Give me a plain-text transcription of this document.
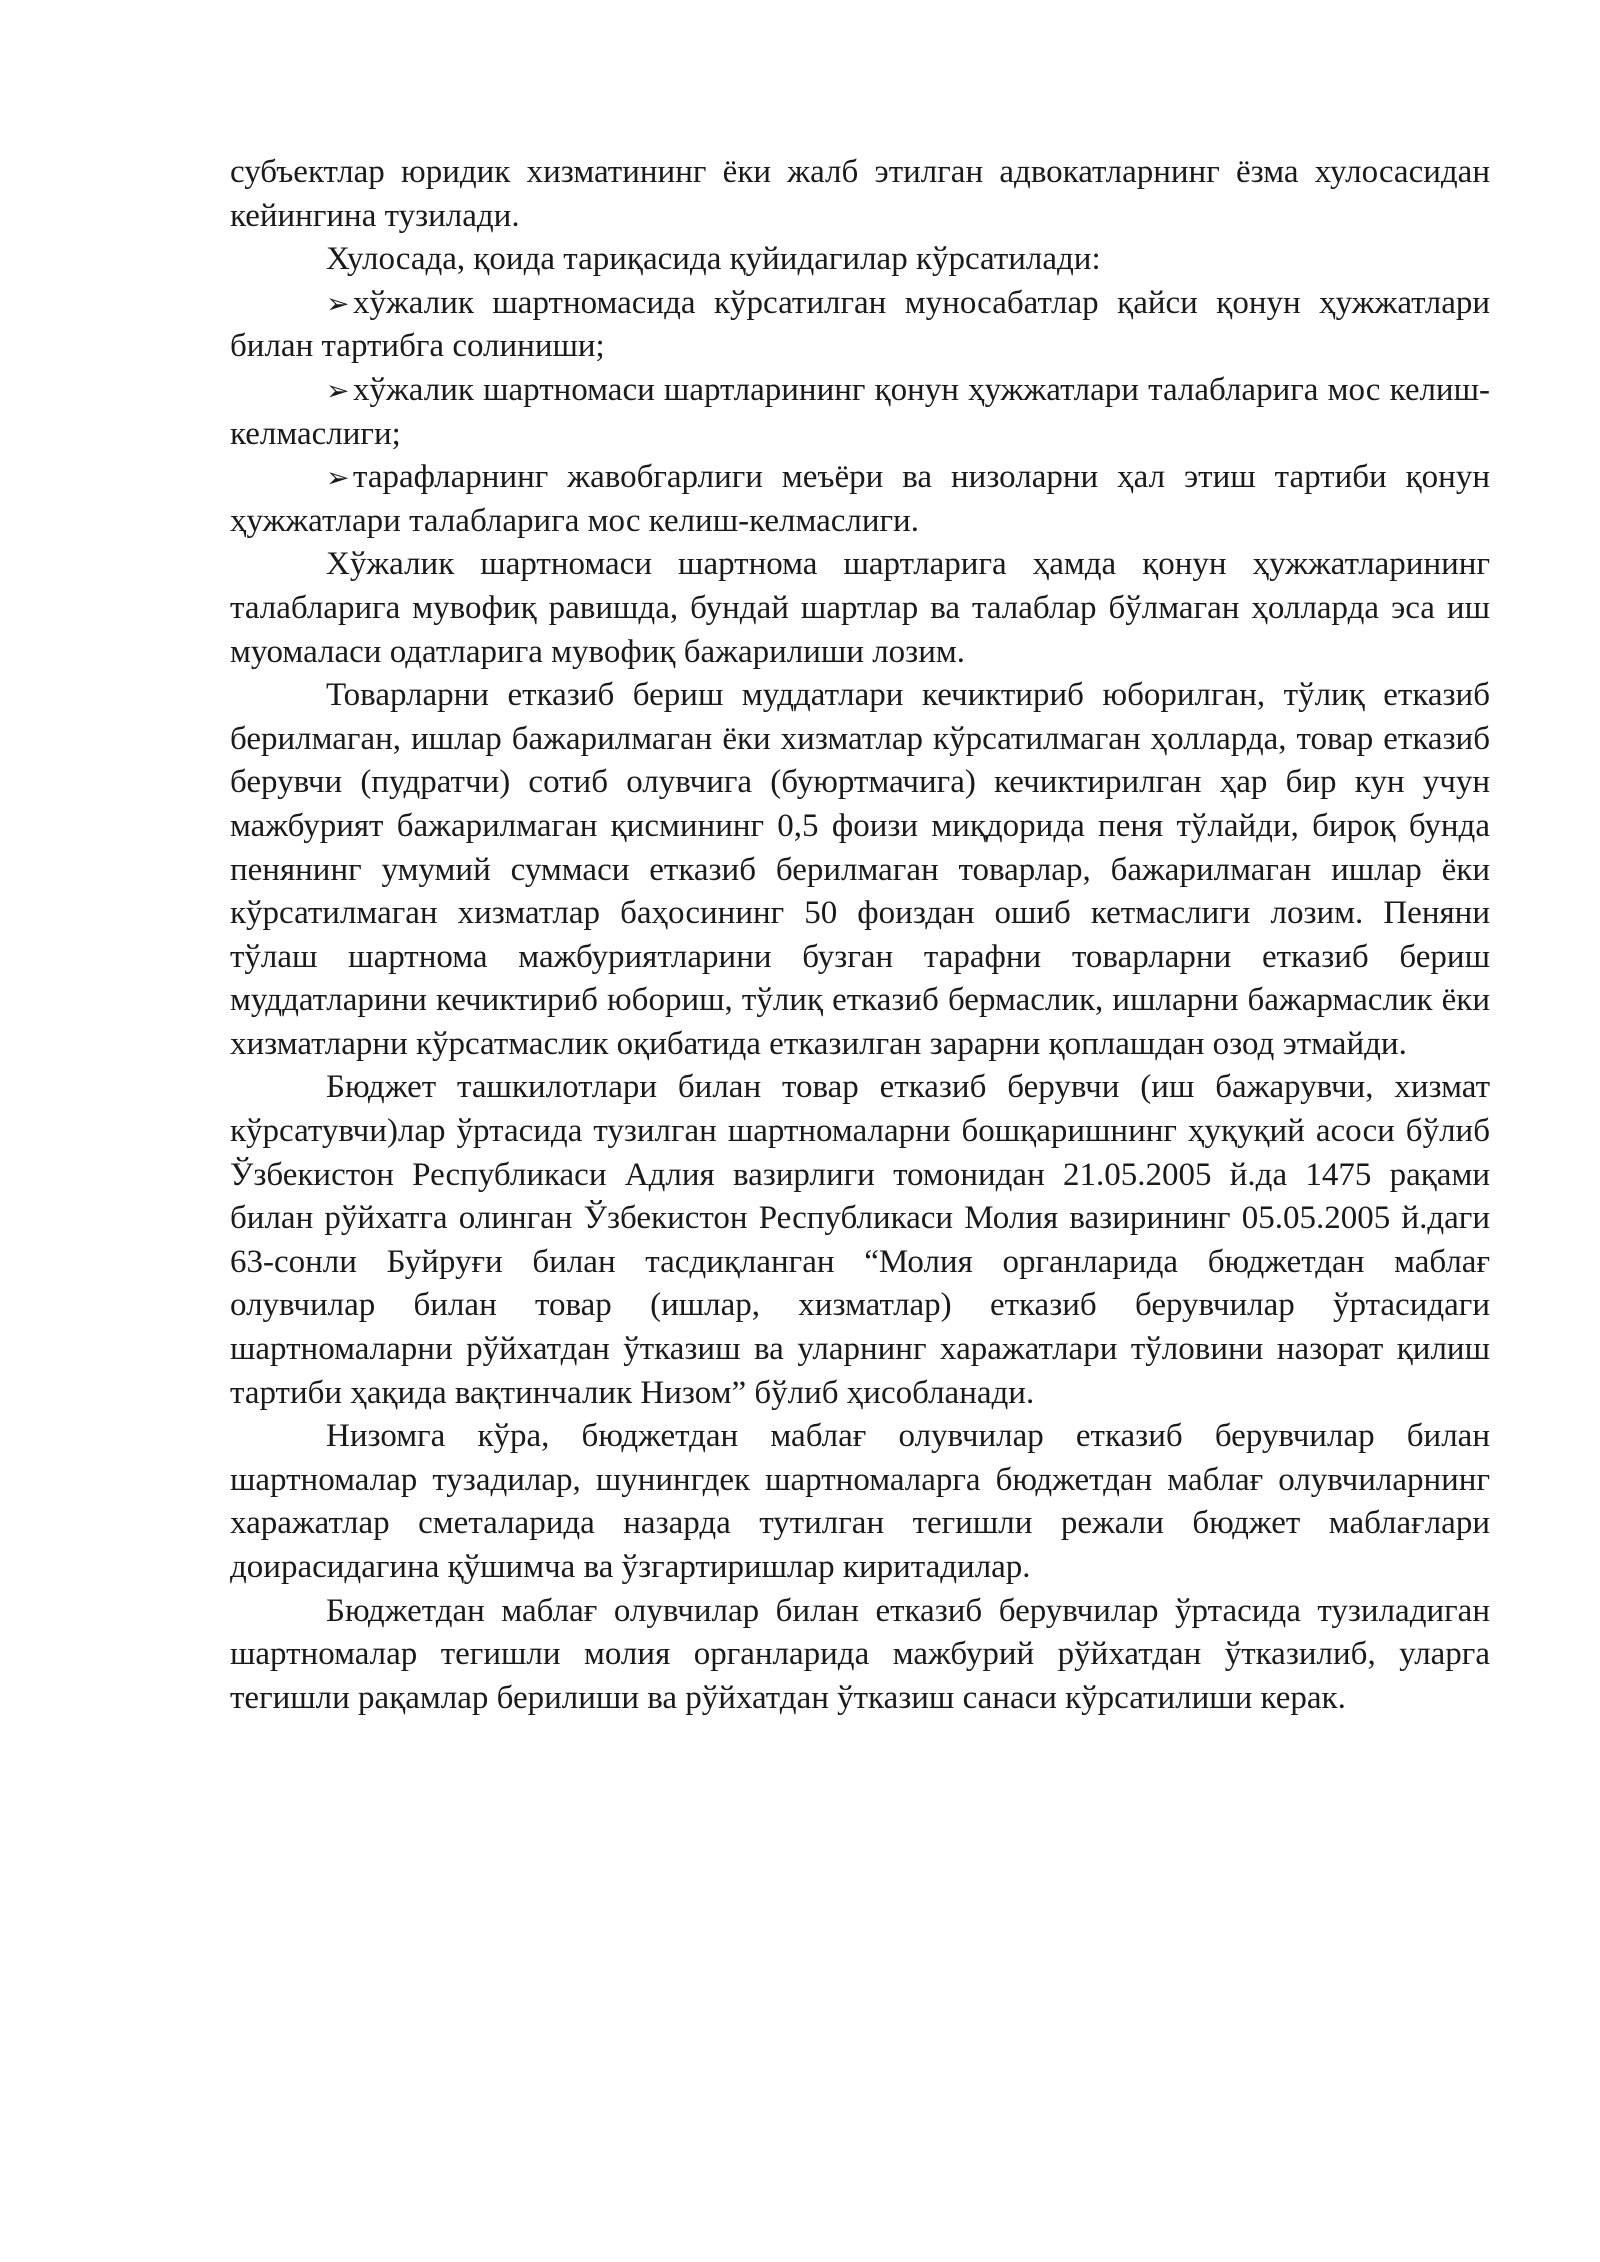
субъектлар юридик хизматининг ёки жалб этилган адвокатларнинг ёзма хулосасидан кейингина тузилади.

Хулосада, қоида тариқасида қуйидагилар кўрсатилади:

➢ хўжалик шартномасида кўрсатилган муносабатлар қайси қонун ҳужжатлари билан тартибга солиниши;

➢ хўжалик шартномаси шартларининг қонун ҳужжатлари талабларига мос келиш-келмаслиги;

➢ тарафларнинг жавобгарлиги меъёри ва низоларни ҳал этиш тартиби қонун ҳужжатлари талабларига мос келиш-келмаслиги.

Хўжалик шартномаси шартнома шартларига ҳамда қонун ҳужжатларининг талабларига мувофиқ равишда, бундай шартлар ва талаблар бўлмаган ҳолларда эса иш муомаласи одатларига мувофиқ бажарилиши лозим.

Товарларни етказиб бериш муддатлари кечиктириб юборилган, тўлиқ етказиб берилмаган, ишлар бажарилмаган ёки хизматлар кўрсатилмаган ҳолларда, товар етказиб берувчи (пудратчи) сотиб олувчига (буюртмачига) кечиктирилган ҳар бир кун учун мажбурият бажарилмаган қисмининг 0,5 фоизи миқдорида пеня тўлайди, бироқ бунда пенянинг умумий суммаси етказиб берилмаган товарлар, бажарилмаган ишлар ёки кўрсатилмаган хизматлар баҳосининг 50 фоиздан ошиб кетмаслиги лозим. Пеняни тўлаш шартнома мажбуриятларини бузган тарафни товарларни етказиб бериш муддатларини кечиктириб юбориш, тўлиқ етказиб бермаслик, ишларни бажармаслик ёки хизматларни кўрсатмаслик оқибатида етказилган зарарни қоплашдан озод этмайди.

Бюджет ташкилотлари билан товар етказиб берувчи (иш бажарувчи, хизмат кўрсатувчи)лар ўртасида тузилган шартномаларни бошқаришнинг ҳуқуқий асоси бўлиб Ўзбекистон Республикаси Адлия вазирлиги томонидан 21.05.2005 й.да 1475 рақами билан рўйхатга олинган Ўзбекистон Республикаси Молия вазирининг 05.05.2005 й.даги 63-сонли Буйруғи билан тасдиқланган “Молия органларида бюджетдан маблағ олувчилар билан товар (ишлар, хизматлар) етказиб берувчилар ўртасидаги шартномаларни рўйхатдан ўтказиш ва уларнинг харажатлари тўловини назорат қилиш тартиби ҳақида вақтинчалик Низом” бўлиб ҳисобланади.

Низомга кўра, бюджетдан маблағ олувчилар етказиб берувчилар билан шартномалар тузадилар, шунингдек шартномаларга бюджетдан маблағ олувчиларнинг харажатлар сметаларида назарда тутилган тегишли режали бюджет маблағлари доирасидагина қўшимча ва ўзгартиришлар киритадилар.

Бюджетдан маблағ олувчилар билан етказиб берувчилар ўртасида тузиладиган шартномалар тегишли молия органларида мажбурий рўйхатдан ўтказилиб, уларга тегишли рақамлар берилиши ва рўйхатдан ўтказиш санаси кўрсатилиши керак.
